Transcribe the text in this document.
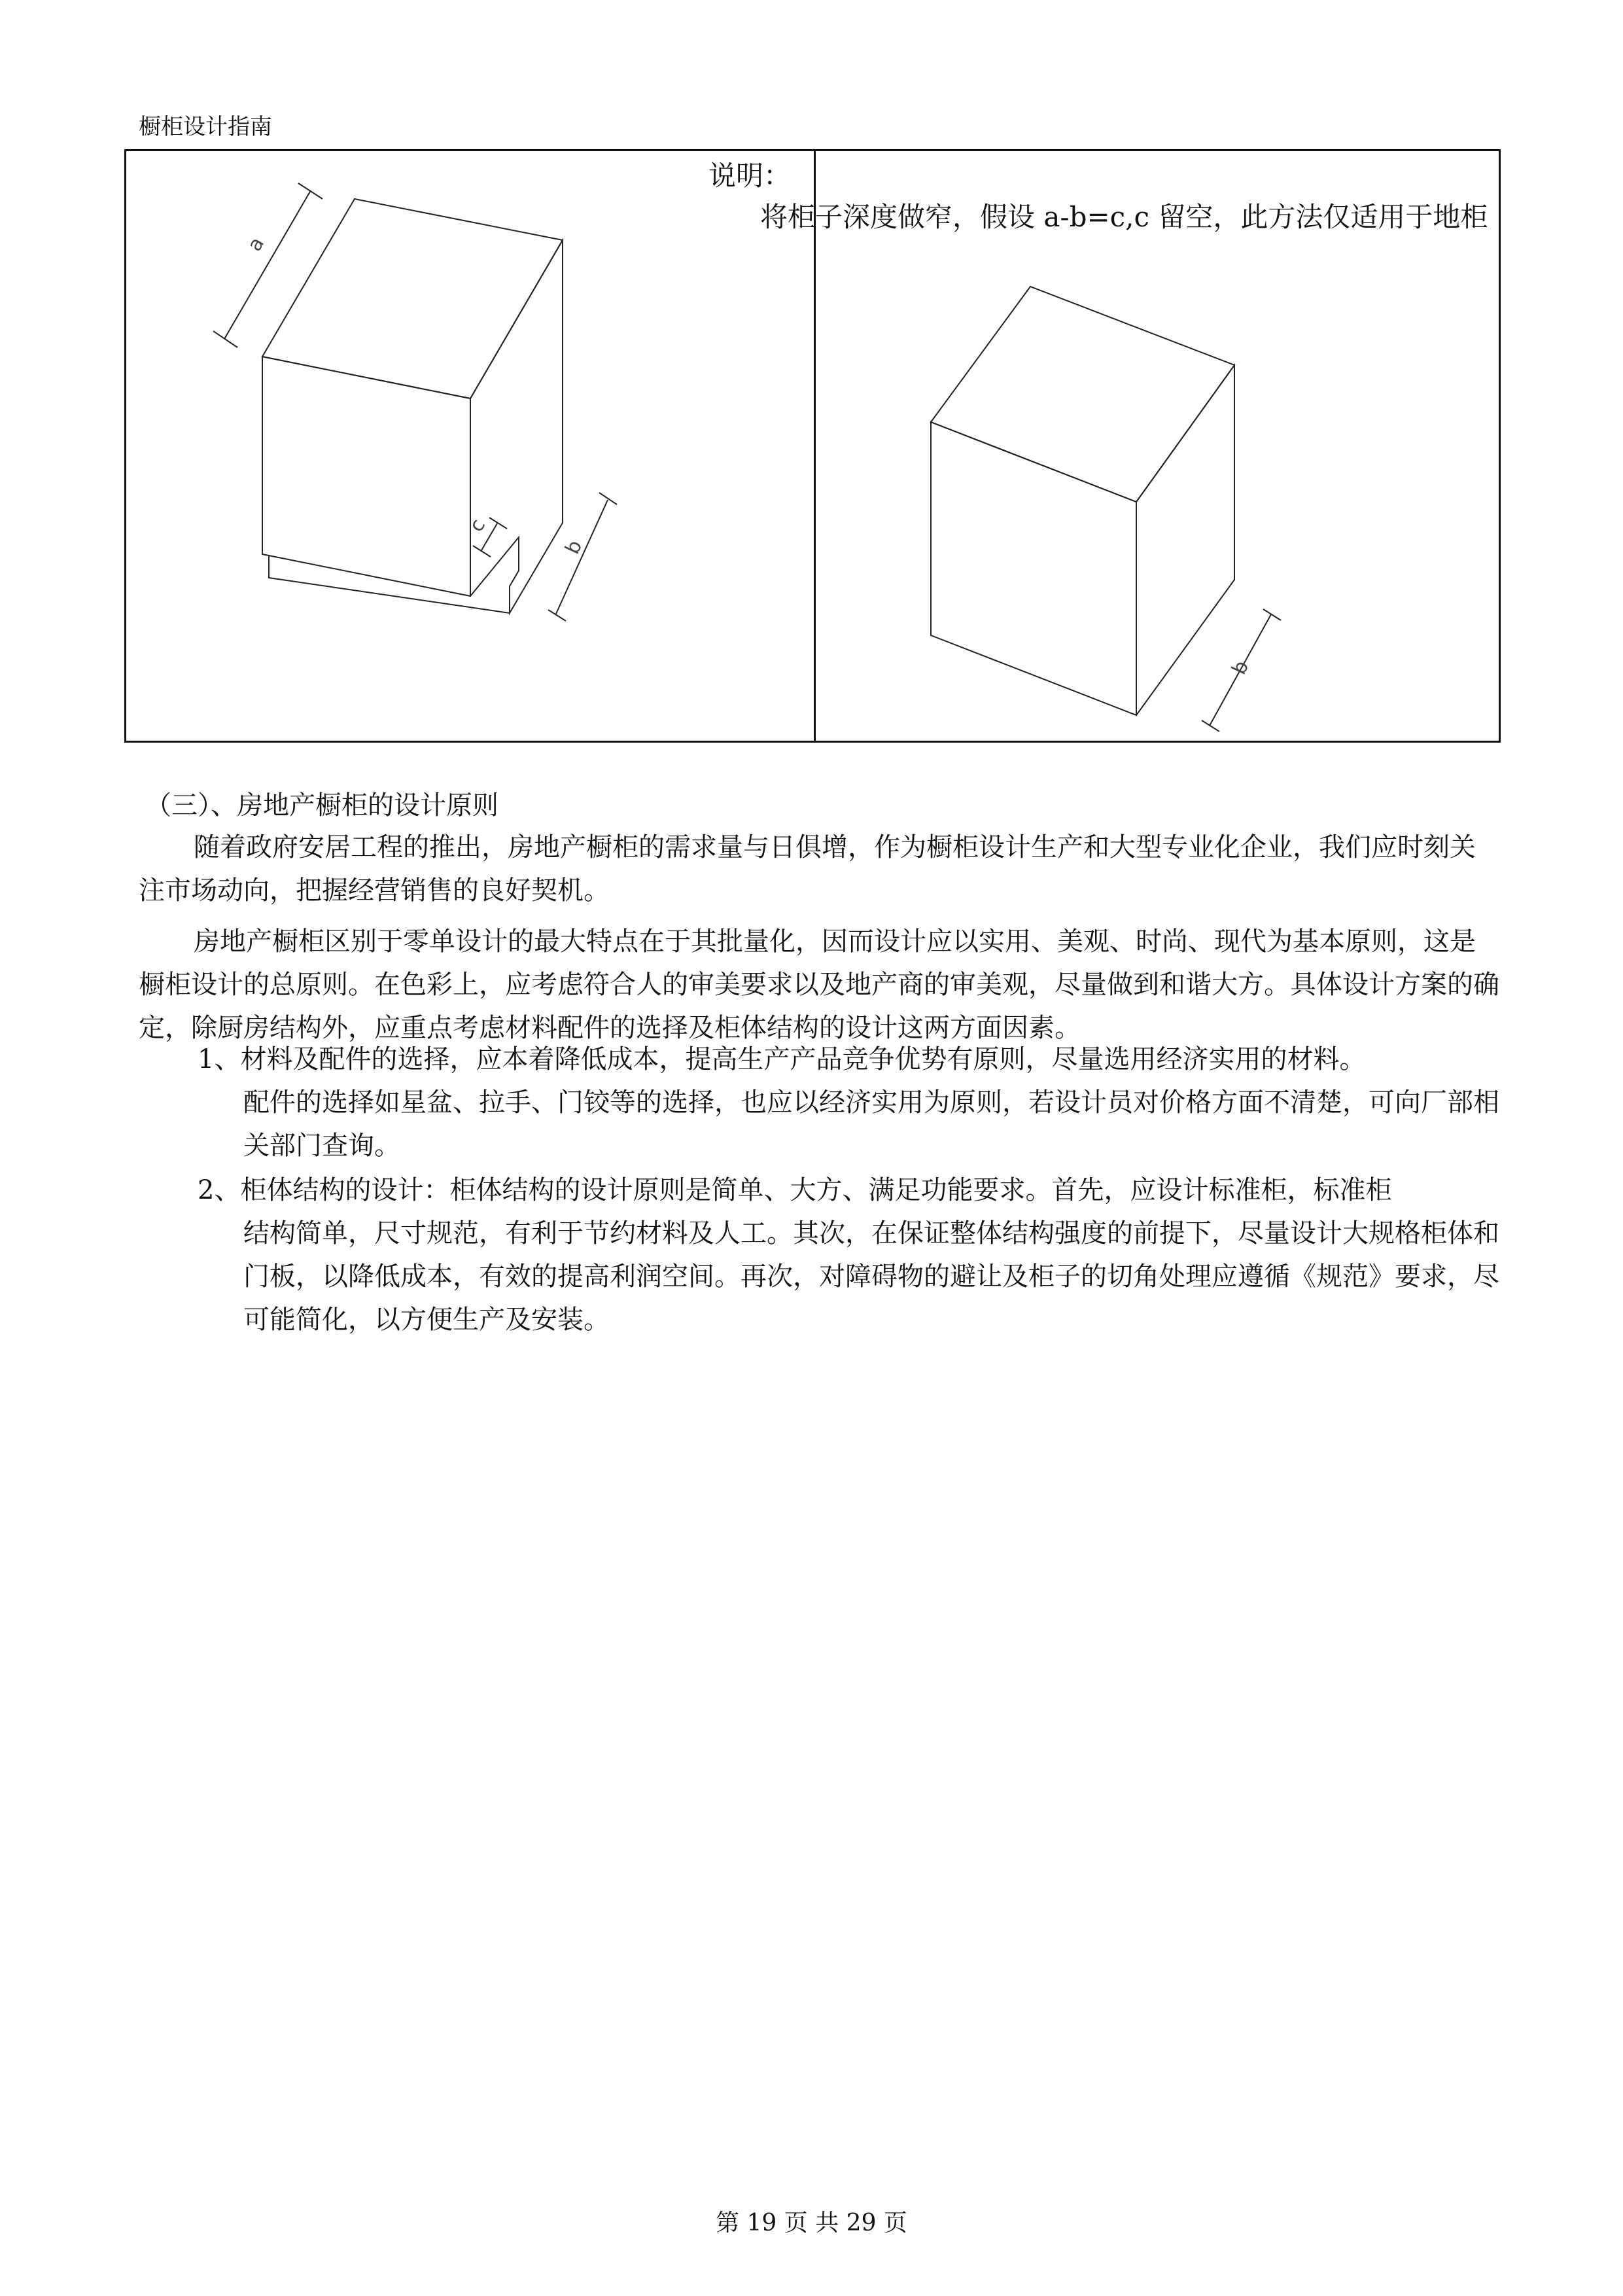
橱柜设计指南
a
c
b
b
说明：
将柜子深度做窄，假设 a-b=c,c 留空，此方法仅适用于地柜
（三）、房地产橱柜的设计原则
随着政府安居工程的推出，房地产橱柜的需求量与日俱增，作为橱柜设计生产和大型专业化企业，我们应时刻关注市场动向，把握经营销售的良好契机。
房地产橱柜区别于零单设计的最大特点在于其批量化，因而设计应以实用、美观、时尚、现代为基本原则，这是橱柜设计的总原则。在色彩上，应考虑符合人的审美要求以及地产商的审美观，尽量做到和谐大方。具体设计方案的确定，除厨房结构外，应重点考虑材料配件的选择及柜体结构的设计这两方面因素。
1、材料及配件的选择，应本着降低成本，提高生产产品竞争优势有原则，尽量选用经济实用的材料。
配件的选择如星盆、拉手、门铰等的选择，也应以经济实用为原则，若设计员对价格方面不清楚，可向厂部相关部门查询。
2、柜体结构的设计：柜体结构的设计原则是简单、大方、满足功能要求。首先，应设计标准柜，标准柜
结构简单，尺寸规范，有利于节约材料及人工。其次，在保证整体结构强度的前提下，尽量设计大规格柜体和门板，以降低成本，有效的提高利润空间。再次，对障碍物的避让及柜子的切角处理应遵循《规范》要求，尽可能简化，以方便生产及安装。
第 19 页 共 29 页
